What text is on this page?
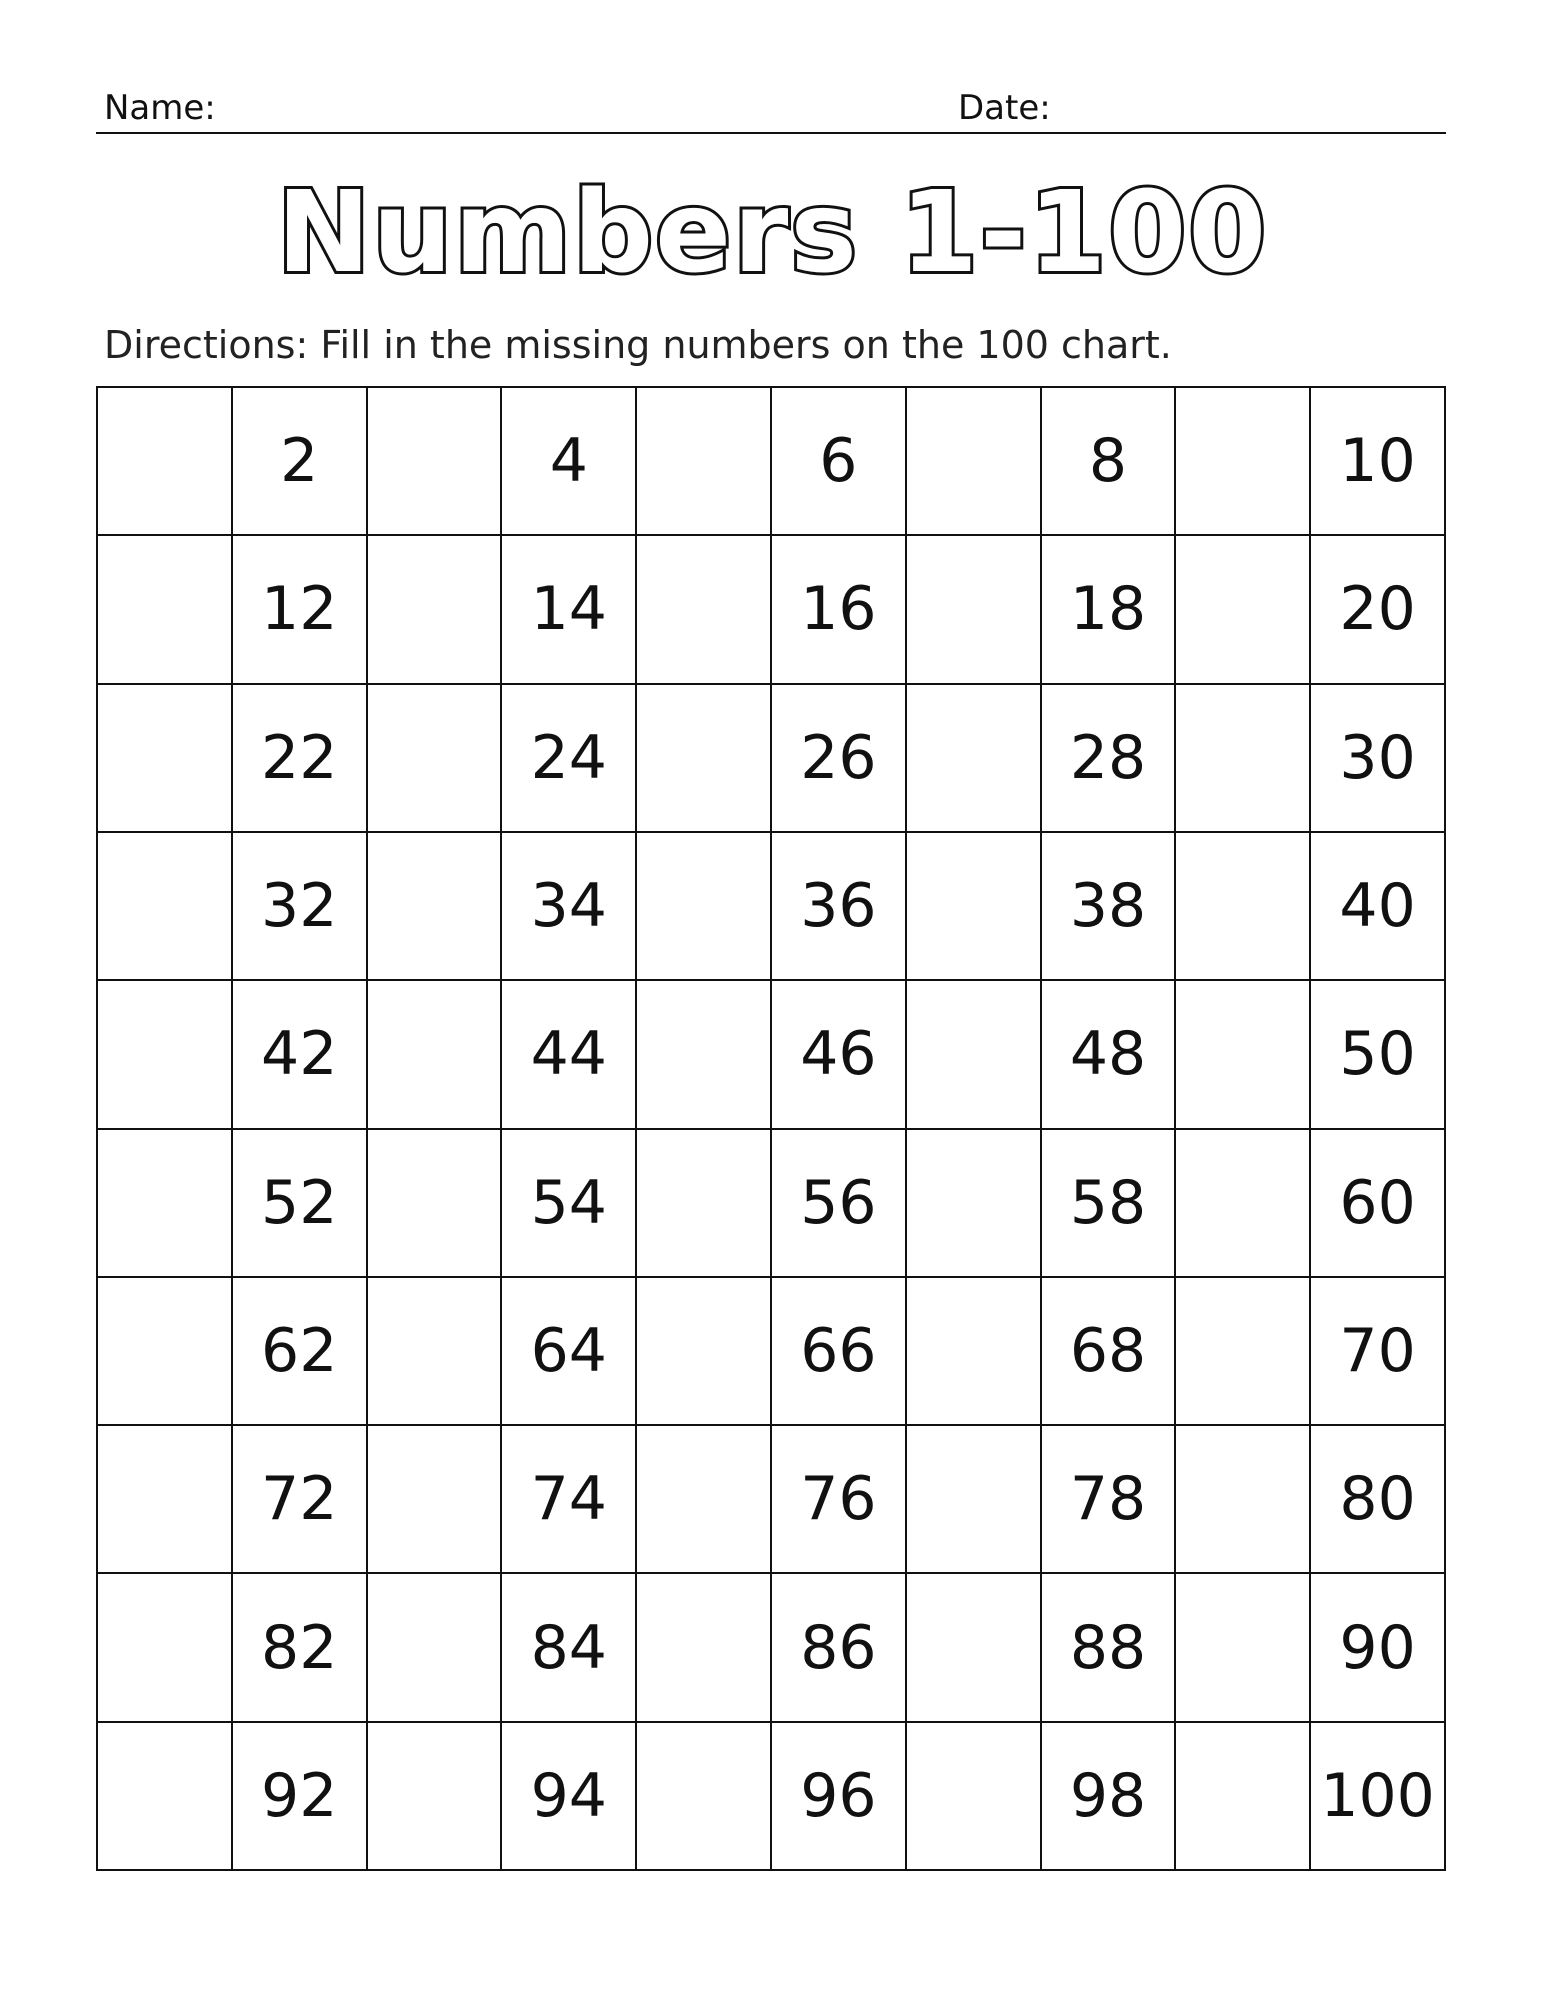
Name:	Date:
Numbers 1-100
Directions: Fill in the missing numbers on the 100 chart.
2	4	6	8	10
12	14	16	18	20
22	24	26	28	30
32	34	36	38	40
42	44	46	48	50
52	54	56	58	60
62	64	66	68	70
72	74	76	78	80
82	84	86	88	90
92	94	96	98	100
